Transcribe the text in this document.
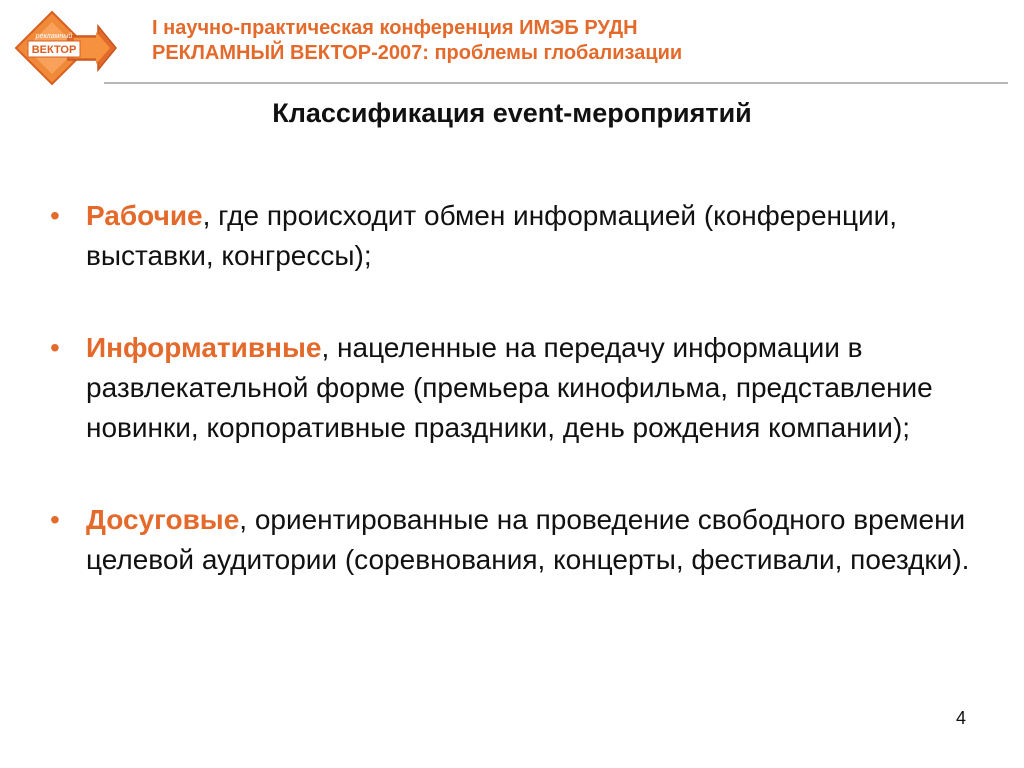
рекламный
ВЕКТОР
I научно-практическая конференция ИМЭБ РУДН
РЕКЛАМНЫЙ ВЕКТОР-2007: проблемы глобализации
Классификация event-мероприятий
• Рабочие, где происходит обмен информацией (конференции, выставки, конгрессы);
• Информативные, нацеленные на передачу информации в развлекательной форме (премьера кинофильма, представление новинки, корпоративные праздники, день рождения компании);
• Досуговые, ориентированные на проведение свободного времени целевой аудитории (соревнования, концерты, фестивали, поездки).
4
